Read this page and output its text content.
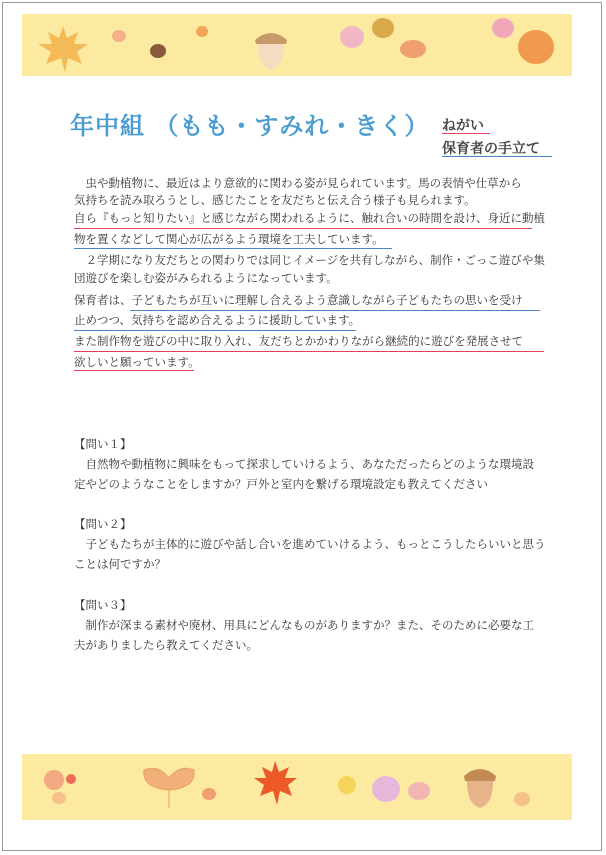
年中組 （もも・すみれ・きく） ねがい
保育者の手立て
　虫や動植物に、最近はより意欲的に関わる姿が見られています。馬の表情や仕草から
気持ちを読み取ろうとし、感じたことを友だちと伝え合う様子も見られます。
自ら『もっと知りたい』と感じながら関われるように、触れ合いの時間を設け、身近に動植
物を置くなどして関心が広がるよう環境を工夫しています。
　２学期になり友だちとの関わりでは同じイメージを共有しながら、制作・ごっこ遊びや集
団遊びを楽しむ姿がみられるようになっています。
保育者は、子どもたちが互いに理解し合えるよう意識しながら子どもたちの思いを受け
止めつつ、気持ちを認め合えるように援助しています。
また制作物を遊びの中に取り入れ、友だちとかかわりながら継続的に遊びを発展させて
欲しいと願っています。
【問い１】
　自然物や動植物に興味をもって探求していけるよう、あなただったらどのような環境設
定やどのようなことをしますか？戸外と室内を繋げる環境設定も教えてください
【問い２】
　子どもたちが主体的に遊びや話し合いを進めていけるよう、もっとこうしたらいいと思う
ことは何ですか？
【問い３】
　制作が深まる素材や廃材、用具にどんなものがありますか？また、そのために必要な工
夫がありましたら教えてください。
